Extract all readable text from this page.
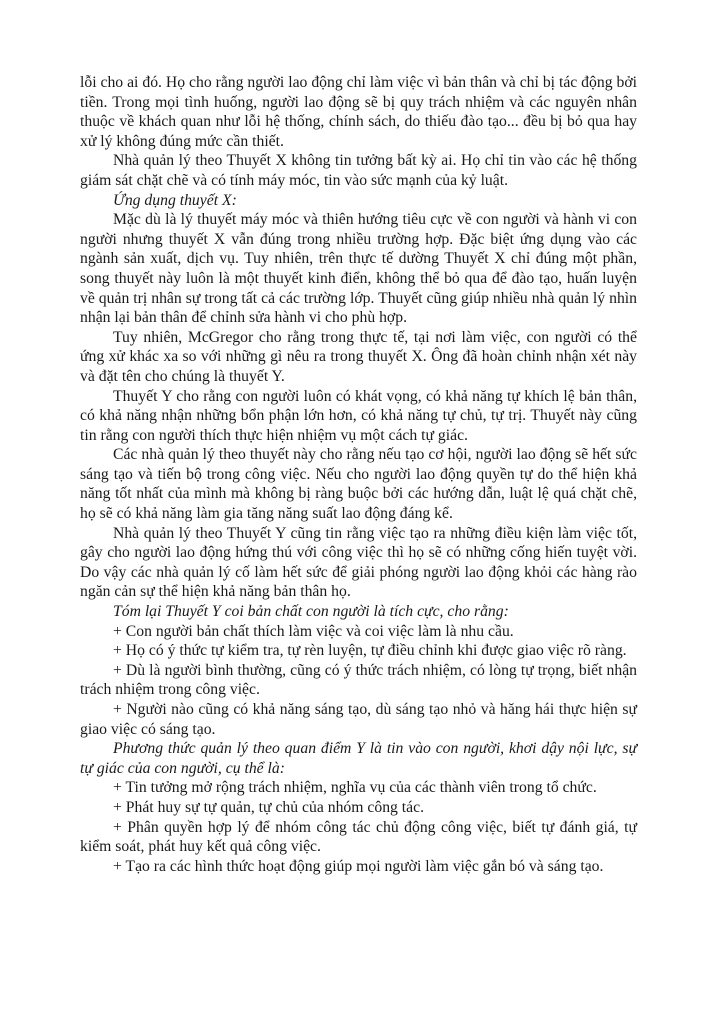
lỗi cho ai đó. Họ cho rằng người lao động chỉ làm việc vì bản thân và chỉ bị tác động bởi tiền. Trong mọi tình huống, người lao động sẽ bị quy trách nhiệm và các nguyên nhân thuộc về khách quan như lỗi hệ thống, chính sách, do thiếu đào tạo... đều bị bỏ qua hay xử lý không đúng mức cần thiết.

Nhà quản lý theo Thuyết X không tin tưởng bất kỳ ai. Họ chỉ tin vào các hệ thống giám sát chặt chẽ và có tính máy móc, tin vào sức mạnh của kỷ luật.

Ứng dụng thuyết X:

Mặc dù là lý thuyết máy móc và thiên hướng tiêu cực về con người và hành vi con người nhưng thuyết X vẫn đúng trong nhiều trường hợp. Đặc biệt ứng dụng vào các ngành sản xuất, dịch vụ. Tuy nhiên, trên thực tế dường Thuyết X chỉ đúng một phần, song thuyết này luôn là một thuyết kinh điển, không thể bỏ qua để đào tạo, huấn luyện về quản trị nhân sự trong tất cả các trường lớp. Thuyết cũng giúp nhiều nhà quản lý nhìn nhận lại bản thân để chỉnh sửa hành vi cho phù hợp.

Tuy nhiên, McGregor cho rằng trong thực tế, tại nơi làm việc, con người có thể ứng xử khác xa so với những gì nêu ra trong thuyết X. Ông đã hoàn chỉnh nhận xét này và đặt tên cho chúng là thuyết Y.

Thuyết Y cho rằng con người luôn có khát vọng, có khả năng tự khích lệ bản thân, có khả năng nhận những bổn phận lớn hơn, có khả năng tự chủ, tự trị. Thuyết này cũng tin rằng con người thích thực hiện nhiệm vụ một cách tự giác.

Các nhà quản lý theo thuyết này cho rằng nếu tạo cơ hội, người lao động sẽ hết sức sáng tạo và tiến bộ trong công việc. Nếu cho người lao động quyền tự do thể hiện khả năng tốt nhất của mình mà không bị ràng buộc bởi các hướng dẫn, luật lệ quá chặt chẽ, họ sẽ có khả năng làm gia tăng năng suất lao động đáng kể.

Nhà quản lý theo Thuyết Y cũng tin rằng việc tạo ra những điều kiện làm việc tốt, gây cho người lao động hứng thú với công việc thì họ sẽ có những cống hiến tuyệt vời. Do vậy các nhà quản lý cố làm hết sức để giải phóng người lao động khỏi các hàng rào ngăn cản sự thể hiện khả năng bản thân họ.

Tóm lại Thuyết Y coi bản chất con người là tích cực, cho rằng:

+ Con người bản chất thích làm việc và coi việc làm là nhu cầu.

+ Họ có ý thức tự kiểm tra, tự rèn luyện, tự điều chỉnh khi được giao việc rõ ràng.

+ Dù là người bình thường, cũng có ý thức trách nhiệm, có lòng tự trọng, biết nhận trách nhiệm trong công việc.

+ Người nào cũng có khả năng sáng tạo, dù sáng tạo nhỏ và hăng hái thực hiện sự giao việc có sáng tạo.

Phương thức quản lý theo quan điểm Y là tin vào con người, khơi dậy nội lực, sự tự giác của con người, cụ thể là:

+ Tin tưởng mở rộng trách nhiệm, nghĩa vụ của các thành viên trong tổ chức.

+ Phát huy sự tự quản, tự chủ của nhóm công tác.

+ Phân quyền hợp lý để nhóm công tác chủ động công việc, biết tự đánh giá, tự kiểm soát, phát huy kết quả công việc.

+ Tạo ra các hình thức hoạt động giúp mọi người làm việc gắn bó và sáng tạo.
